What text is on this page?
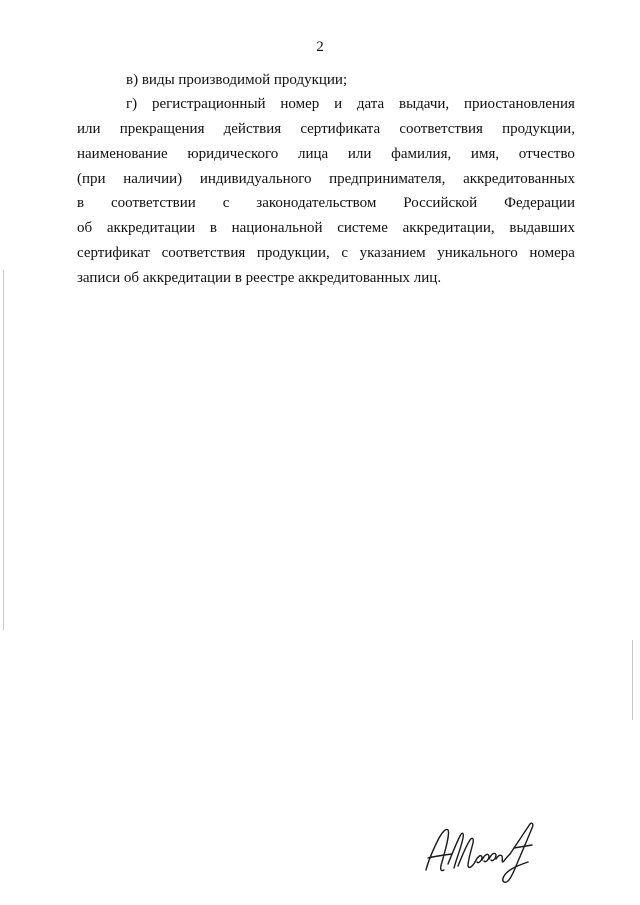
2
в) виды производимой продукции;
г) регистрационный номер и дата выдачи, приостановления
или прекращения действия сертификата соответствия продукции,
наименование юридического лица или фамилия, имя, отчество
(при наличии) индивидуального предпринимателя, аккредитованных
в соответствии с законодательством Российской Федерации
об аккредитации в национальной системе аккредитации, выдавших
сертификат соответствия продукции, с указанием уникального номера
записи об аккредитации в реестре аккредитованных лиц.
